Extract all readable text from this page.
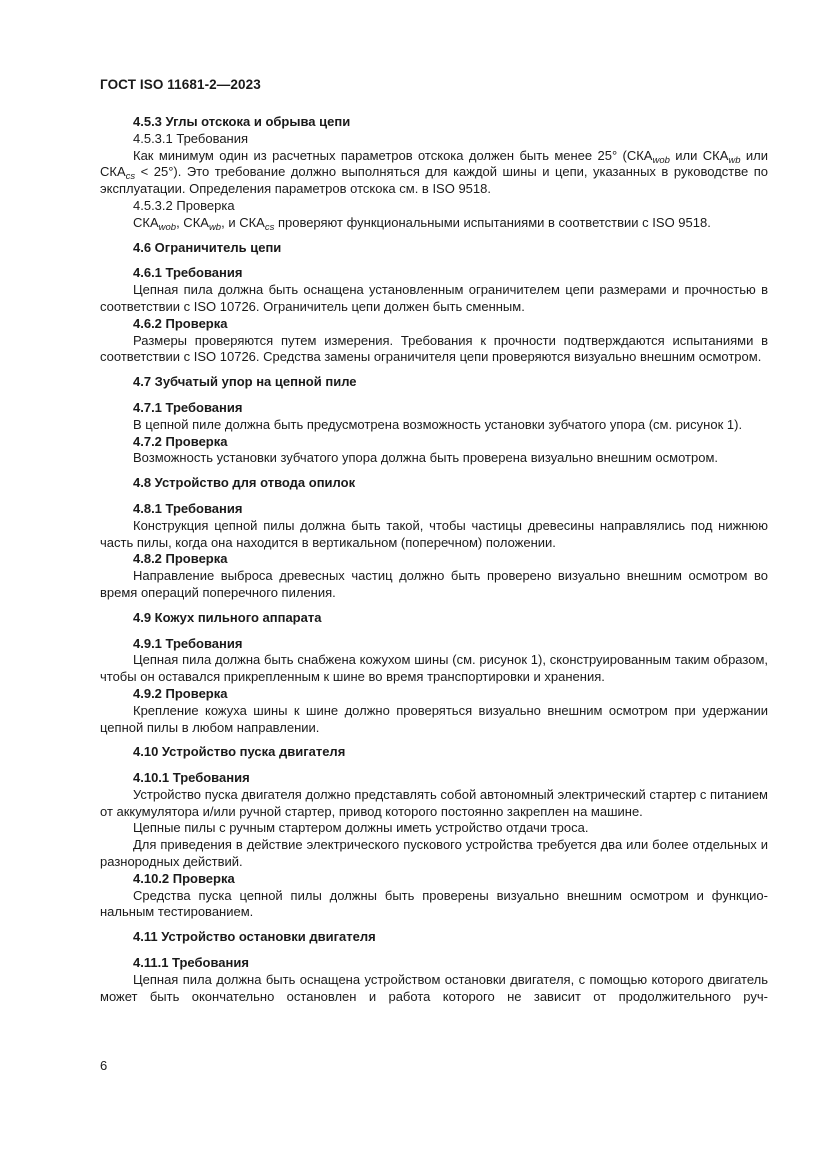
ГОСТ ISO 11681-2—2023

4.5.3 Углы отскока и обрыва цепи

4.5.3.1 Требования

Как минимум один из расчетных параметров отскока должен быть менее 25° ($СКА_{wob}$ или $СКА_{wb}$ или $СКА_{cs} < 25^\circ$). Это требование должно выполняться для каждой шины и цепи, указанных в руководстве по эксплуатации. Определения параметров отскока см. в ISO 9518.

4.5.3.2 Проверка

$СКА_{wob}$, $СКА_{wb}$, и $СКА_{cs}$ проверяют функциональными испытаниями в соответствии с ISO 9518.

4.6 Ограничитель цепи

4.6.1 Требования

Цепная пила должна быть оснащена установленным ограничителем цепи размерами и прочностью в соответствии с ISO 10726. Ограничитель цепи должен быть сменным.

4.6.2 Проверка

Размеры проверяются путем измерения. Требования к прочности подтверждаются испытаниями в соответствии с ISO 10726. Средства замены ограничителя цепи проверяются визуально внешним осмотром.

4.7 Зубчатый упор на цепной пиле

4.7.1 Требования

В цепной пиле должна быть предусмотрена возможность установки зубчатого упора (см. рисунок 1).

4.7.2 Проверка

Возможность установки зубчатого упора должна быть проверена визуально внешним осмотром.

4.8 Устройство для отвода опилок

4.8.1 Требования

Конструкция цепной пилы должна быть такой, чтобы частицы древесины направлялись под нижнюю часть пилы, когда она находится в вертикальном (поперечном) положении.

4.8.2 Проверка

Направление выброса древесных частиц должно быть проверено визуально внешним осмотром во время операций поперечного пиления.

4.9 Кожух пильного аппарата

4.9.1 Требования

Цепная пила должна быть снабжена кожухом шины (см. рисунок 1), сконструированным таким образом, чтобы он оставался прикрепленным к шине во время транспортировки и хранения.

4.9.2 Проверка

Крепление кожуха шины к шине должно проверяться визуально внешним осмотром при удержании цепной пилы в любом направлении.

4.10 Устройство пуска двигателя

4.10.1 Требования

Устройство пуска двигателя должно представлять собой автономный электрический стартер с питанием от аккумулятора и/или ручной стартер, привод которого постоянно закреплен на машине.

Цепные пилы с ручным стартером должны иметь устройство отдачи троса.

Для приведения в действие электрического пускового устройства требуется два или более отдельных и разнородных действий.

4.10.2 Проверка

Средства пуска цепной пилы должны быть проверены визуально внешним осмотром и функциональным тестированием.

4.11 Устройство остановки двигателя

4.11.1 Требования

Цепная пила должна быть оснащена устройством остановки двигателя, с помощью которого двигатель может быть окончательно остановлен и работа которого не зависит от продолжительного руч-

6
